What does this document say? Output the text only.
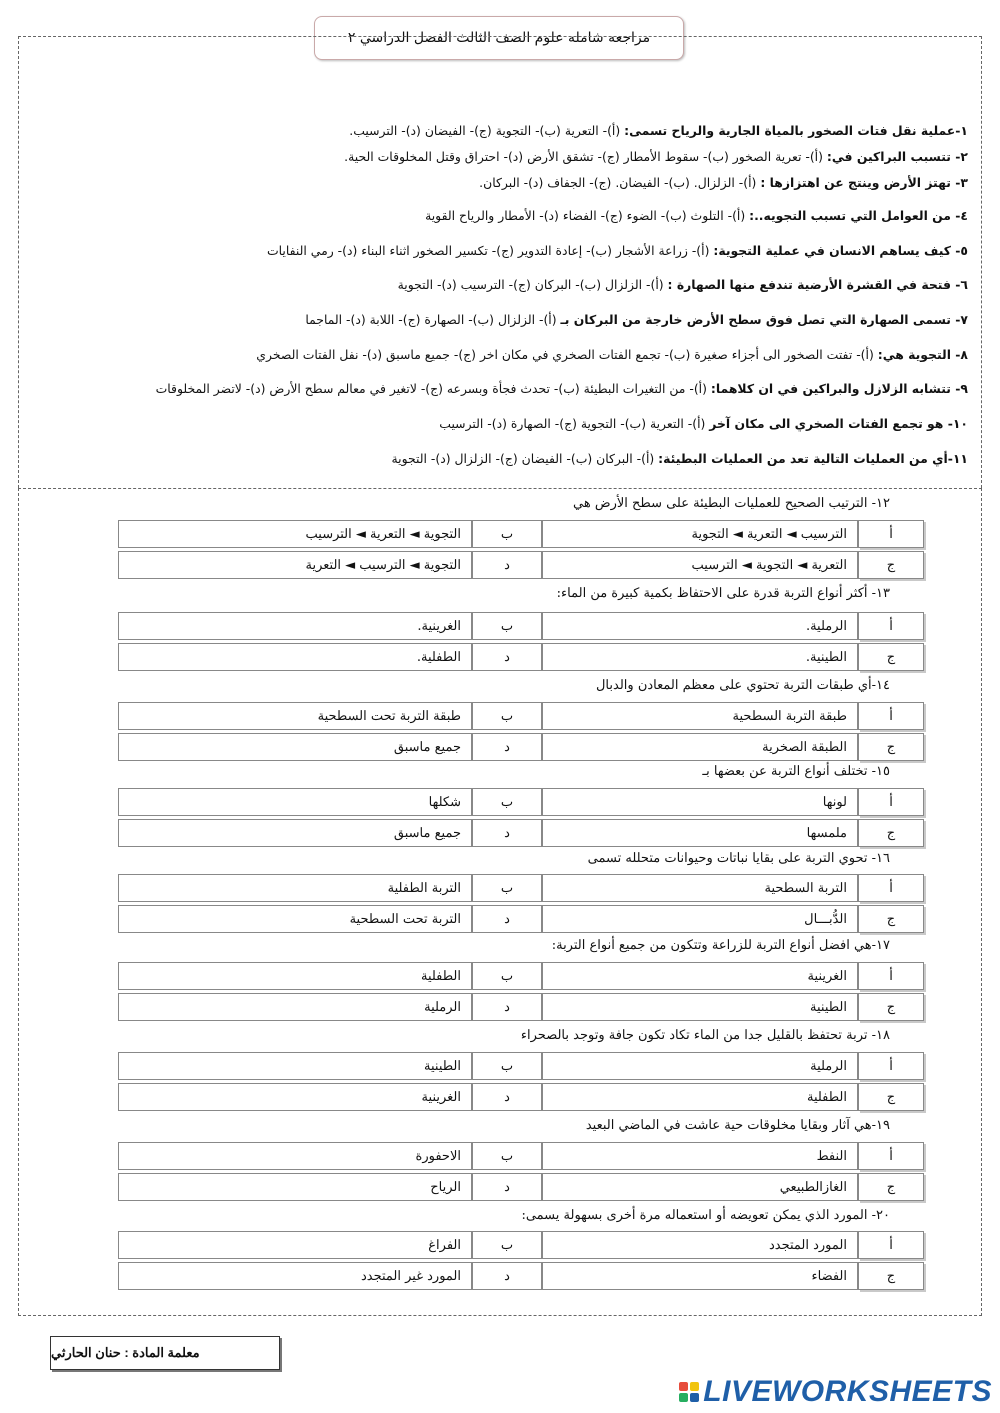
مراجعه شامله علوم الصف الثالث الفصل الدراسي ٢
١-عملية نقل فتات الصخور بالمياة الجارية والرياح تسمى: (أ)- التعرية (ب)- التجوية (ج)- الفيضان (د)- الترسيب.
٢- تتسبب البراكين في: (أ)- تعرية الصخور (ب)- سقوط الأمطار (ج)- تشقق الأرض (د)- احتراق وقتل المخلوقات الحية.
٣- تهتز الأرض وينتج عن اهتزازها : (أ)- الزلزال. (ب)- الفيضان. (ج)- الجفاف (د)- البركان.
٤- من العوامل التي تسبب التجويه..: (أ)- التلوث (ب)- الضوء (ج)- الفضاء (د)- الأمطار والرياح القوية
٥- كيف يساهم الانسان في عملية التجوية: (أ)- زراعة الأشجار (ب)- إعادة التدوير (ج)- تكسير الصخور اثناء البناء (د)- رمي النفايات
٦- فتحة في القشرة الأرضية تندفع منها الصهارة : (أ)- الزلزال (ب)- البركان (ج)- الترسيب (د)- التجوية
٧- تسمى الصهارة التي تصل فوق سطح الأرض خارجة من البركان بـ (أ)- الزلزال (ب)- الصهارة (ج)- اللابة (د)- الماجما
٨- التجوية هي: (أ)- تفتت الصخور الى أجزاء صغيرة (ب)- تجمع الفتات الصخري في مكان اخر (ج)- جميع ماسبق (د)- نفل الفتات الصخري
٩- تتشابه الزلازل والبراكين في ان كلاهما: (أ)- من التغيرات البطيئة (ب)- تحدث فجأة وبسرعه (ج)- لاتغير في معالم سطح الأرض (د)- لاتضر المخلوقات
١٠- هو تجمع الفتات الصخري الى مكان آخر (أ)- التعرية (ب)- التجوية (ج)- الصهارة (د)- الترسيب
١١-أي من العمليات التالية تعد من العمليات البطيئة: (أ)- البركان (ب)- الفيضان (ج)- الزلزال (د)- التجوية
١٢- الترتيب الصحيح للعمليات البطيئة على سطح الأرض هي
التجوية ◄ التعرية ◄ الترسيب	ب	الترسيب ◄ التعرية ◄ التجوية	أ
التجوية ◄ الترسيب ◄ التعرية	د	التعرية ◄ التجوية ◄ الترسيب	ج
١٣- أكثر أنواع التربة قدرة على الاحتفاظ بكمية كبيرة من الماء:
الغرينية.	ب	الرملية.	أ
الطفلية.	د	الطينية.	ج
١٤-أي طبقات التربة تحتوي على معظم المعادن والدبال
طبقة التربة تحت السطحية	ب	طبقة التربة السطحية	أ
جميع ماسبق	د	الطبقة الصخرية	ج
١٥- تختلف أنواع التربة عن بعضها بـ
شكلها	ب	لونها	أ
جميع ماسبق	د	ملمسها	ج
١٦- تحوي التربة على بقايا نباتات وحيوانات متحلله تسمى
التربة الطفلية	ب	التربة السطحية	أ
التربة تحت السطحية	د	الدُّبـــال	ج
١٧-هي افضل أنواع التربة للزراعة وتتكون من جميع أنواع التربة:
الطفلية	ب	الغرينية	أ
الرملية	د	الطينية	ج
١٨- تربة تحتفظ بالقليل جدا من الماء تكاد تكون جافة وتوجد بالصحراء
الطينية	ب	الرملية	أ
الغرينية	د	الطفلية	ج
١٩-هي آثار وبقايا مخلوقات حية عاشت في الماضي البعيد
الاحفورة	ب	النفط	أ
الرياح	د	الغازالطبيعي	ج
٢٠- المورد الذي يمكن تعويضه أو استعماله مرة أخرى بسهولة يسمى:
الفراغ	ب	المورد المتجدد	أ
المورد غير المتجدد	د	الفضاء	ج
معلمة المادة : حنان الحارثي
LIVEWORKSHEETS
